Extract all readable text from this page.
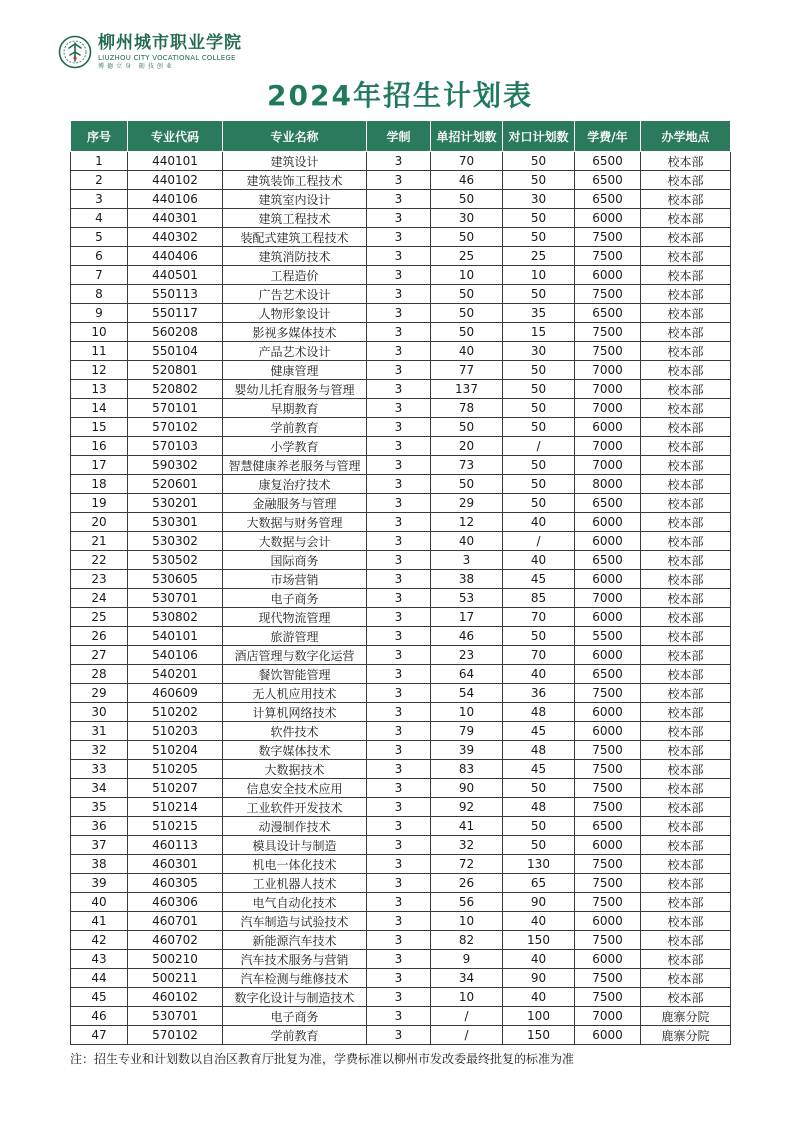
柳州城市职业学院
LIUZHOU CITY VOCATIONAL COLLEGE
博德立身 砺技创业
2024年招生计划表
序号	专业代码	专业名称	学制	单招计划数	对口计划数	学费/年	办学地点
1	440101	建筑设计	3	70	50	6500	校本部
2	440102	建筑装饰工程技术	3	46	50	6500	校本部
3	440106	建筑室内设计	3	50	30	6500	校本部
4	440301	建筑工程技术	3	30	50	6000	校本部
5	440302	装配式建筑工程技术	3	50	50	7500	校本部
6	440406	建筑消防技术	3	25	25	7500	校本部
7	440501	工程造价	3	10	10	6000	校本部
8	550113	广告艺术设计	3	50	50	7500	校本部
9	550117	人物形象设计	3	50	35	6500	校本部
10	560208	影视多媒体技术	3	50	15	7500	校本部
11	550104	产品艺术设计	3	40	30	7500	校本部
12	520801	健康管理	3	77	50	7000	校本部
13	520802	婴幼儿托育服务与管理	3	137	50	7000	校本部
14	570101	早期教育	3	78	50	7000	校本部
15	570102	学前教育	3	50	50	6000	校本部
16	570103	小学教育	3	20	/	7000	校本部
17	590302	智慧健康养老服务与管理	3	73	50	7000	校本部
18	520601	康复治疗技术	3	50	50	8000	校本部
19	530201	金融服务与管理	3	29	50	6500	校本部
20	530301	大数据与财务管理	3	12	40	6000	校本部
21	530302	大数据与会计	3	40	/	6000	校本部
22	530502	国际商务	3	3	40	6500	校本部
23	530605	市场营销	3	38	45	6000	校本部
24	530701	电子商务	3	53	85	7000	校本部
25	530802	现代物流管理	3	17	70	6000	校本部
26	540101	旅游管理	3	46	50	5500	校本部
27	540106	酒店管理与数字化运营	3	23	70	6000	校本部
28	540201	餐饮智能管理	3	64	40	6500	校本部
29	460609	无人机应用技术	3	54	36	7500	校本部
30	510202	计算机网络技术	3	10	48	6000	校本部
31	510203	软件技术	3	79	45	6000	校本部
32	510204	数字媒体技术	3	39	48	7500	校本部
33	510205	大数据技术	3	83	45	7500	校本部
34	510207	信息安全技术应用	3	90	50	7500	校本部
35	510214	工业软件开发技术	3	92	48	7500	校本部
36	510215	动漫制作技术	3	41	50	6500	校本部
37	460113	模具设计与制造	3	32	50	6000	校本部
38	460301	机电一体化技术	3	72	130	7500	校本部
39	460305	工业机器人技术	3	26	65	7500	校本部
40	460306	电气自动化技术	3	56	90	7500	校本部
41	460701	汽车制造与试验技术	3	10	40	6000	校本部
42	460702	新能源汽车技术	3	82	150	7500	校本部
43	500210	汽车技术服务与营销	3	9	40	6000	校本部
44	500211	汽车检测与维修技术	3	34	90	7500	校本部
45	460102	数字化设计与制造技术	3	10	40	7500	校本部
46	530701	电子商务	3	/	100	7000	鹿寨分院
47	570102	学前教育	3	/	150	6000	鹿寨分院
注：招生专业和计划数以自治区教育厅批复为准，学费标准以柳州市发改委最终批复的标准为准
